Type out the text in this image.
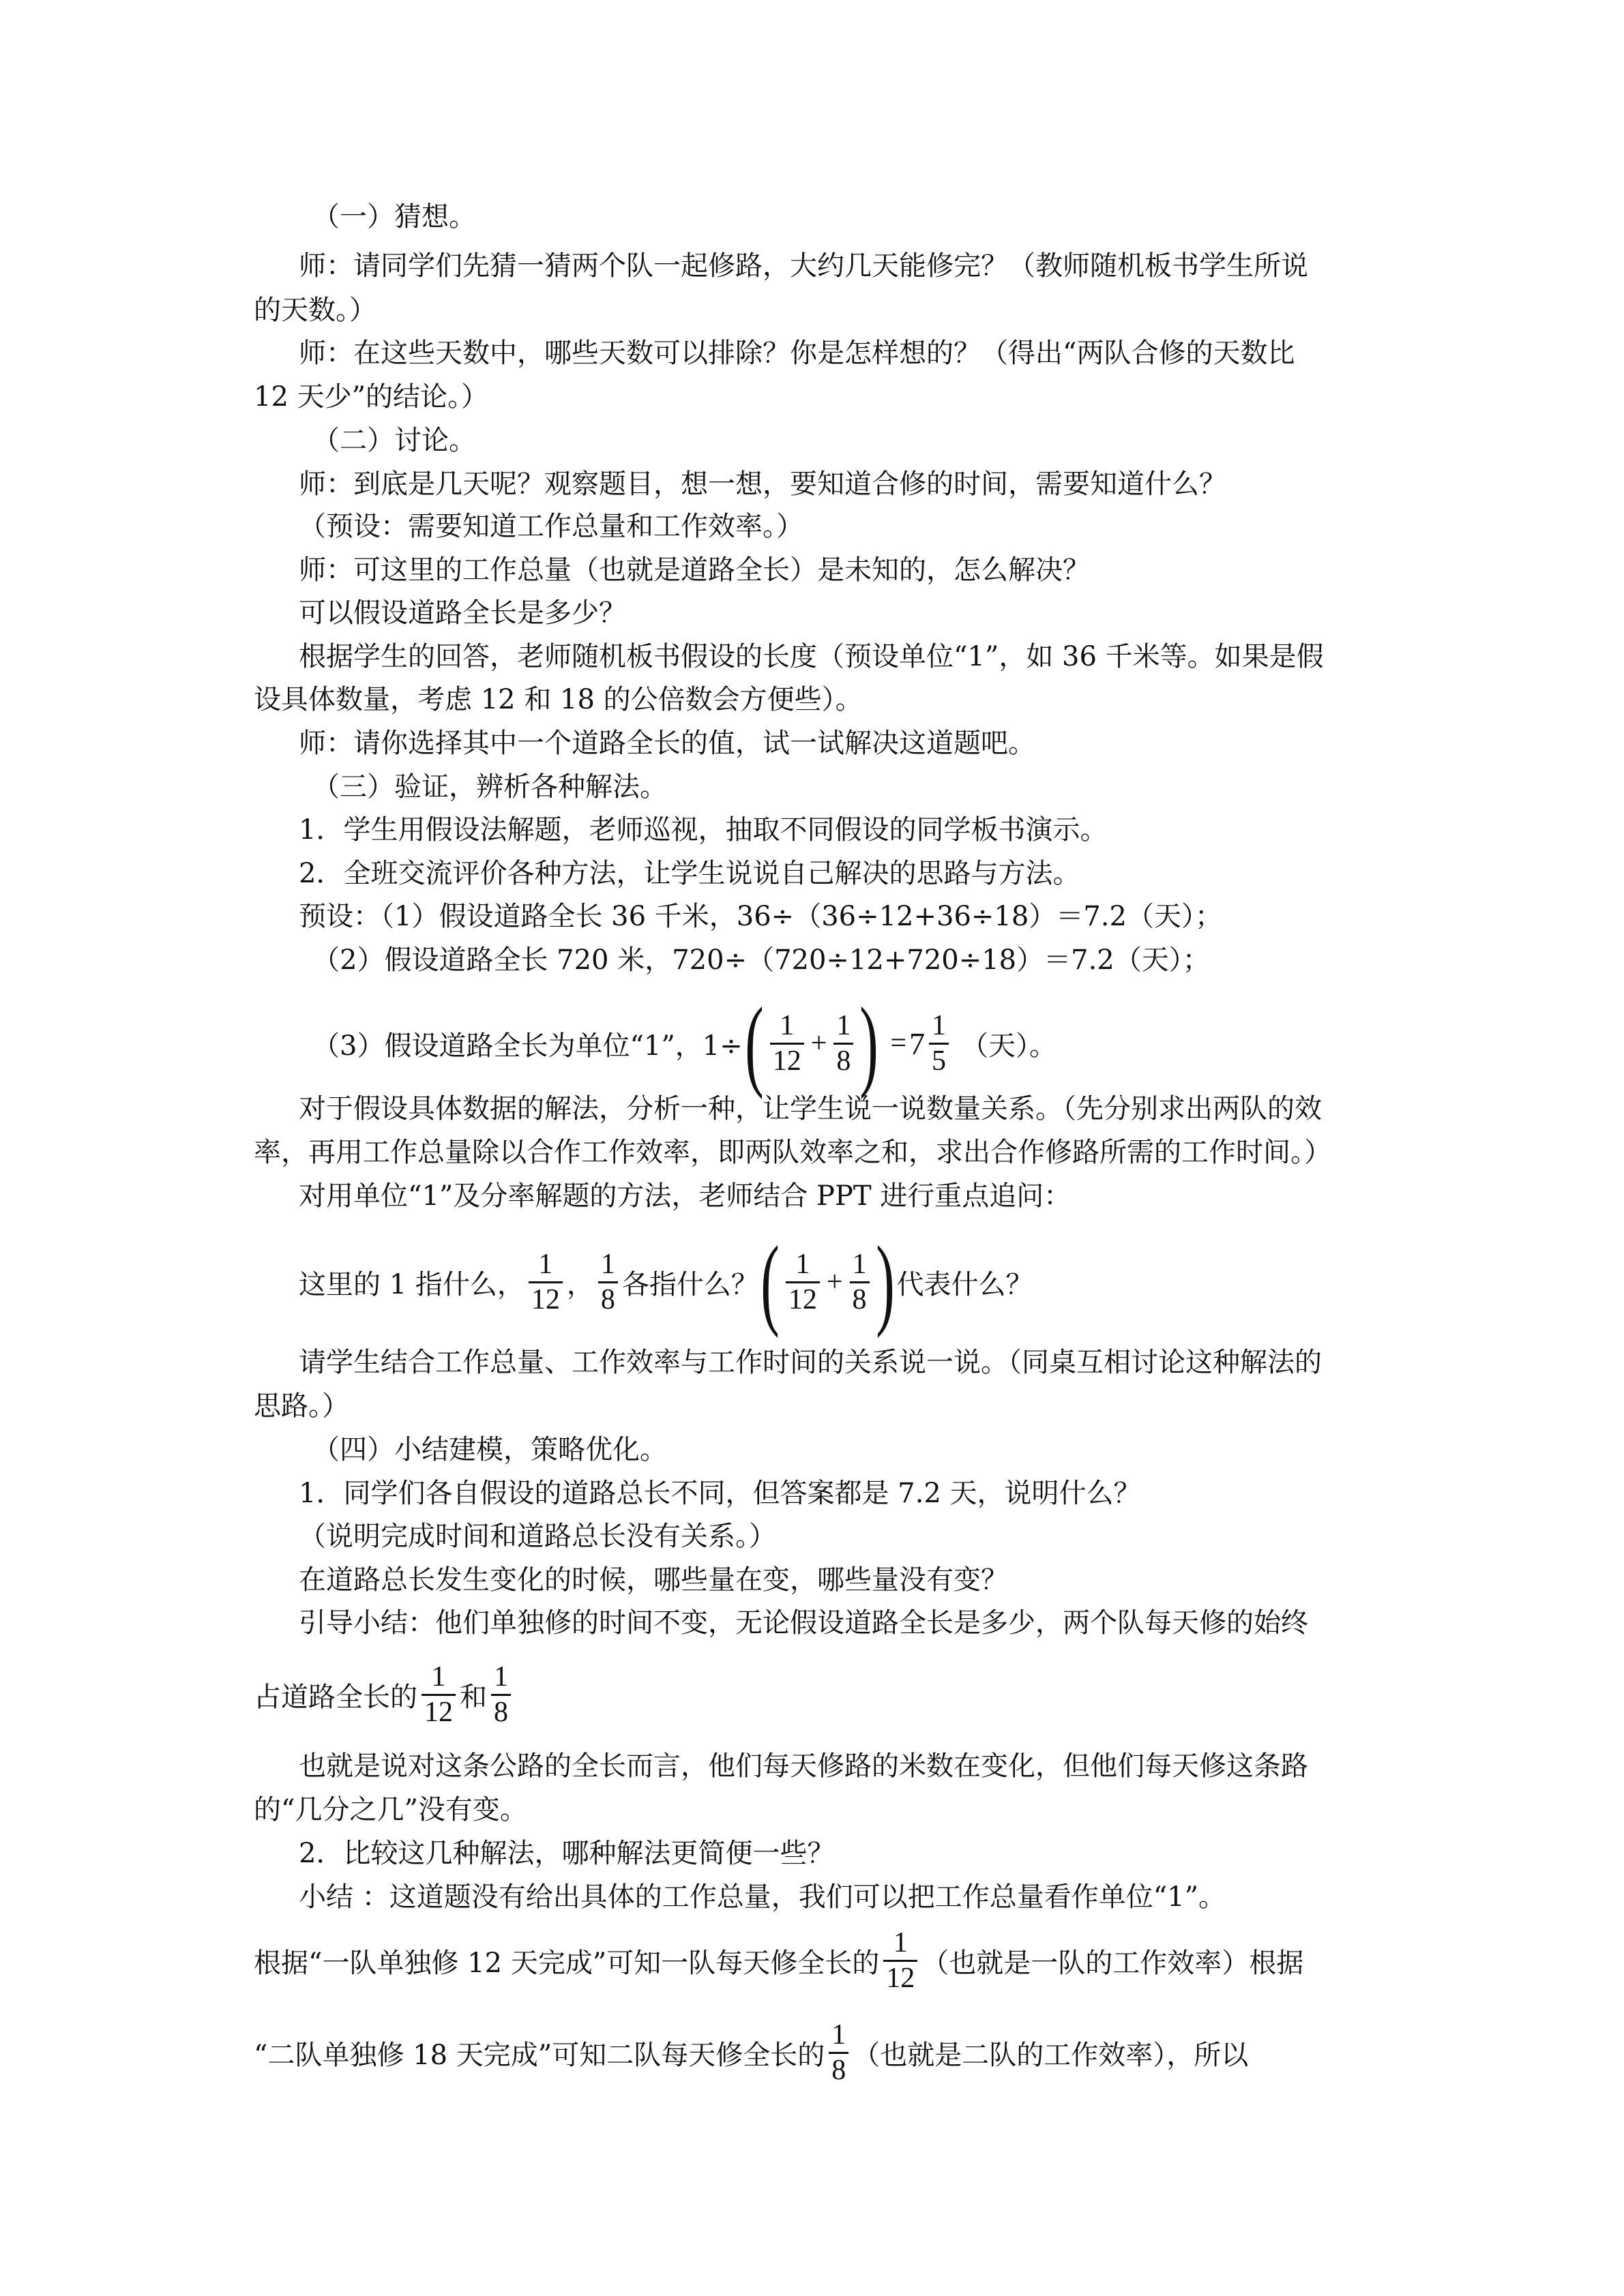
（一）猜想。
师：请同学们先猜一猜两个队一起修路，大约几天能修完？（教师随机板书学生所说
的天数。）
师：在这些天数中，哪些天数可以排除？你是怎样想的？（得出“两队合修的天数比
12 天少”的结论。）
（二）讨论。
师：到底是几天呢？观察题目，想一想，要知道合修的时间，需要知道什么？
（预设：需要知道工作总量和工作效率。）
师：可这里的工作总量（也就是道路全长）是未知的，怎么解决？
可以假设道路全长是多少？
根据学生的回答，老师随机板书假设的长度（预设单位“1”，如 36 千米等。如果是假
设具体数量，考虑 12 和 18 的公倍数会方便些）。
师：请你选择其中一个道路全长的值，试一试解决这道题吧。
（三）验证，辨析各种解法。
1．学生用假设法解题，老师巡视，抽取不同假设的同学板书演示。
2．全班交流评价各种方法，让学生说说自己解决的思路与方法。
预设：（1）假设道路全长 36 千米，36÷（36÷12+36÷18）＝7.2（天）；
（2）假设道路全长 720 米，720÷（720÷12+720÷18）＝7.2（天）；
（3）假设道路全长为单位“1”，1÷ ( $\frac{1}{12} + \frac{1}{8}$ ) = $7 \frac{1}{5}$ （天）。
对于假设具体数据的解法，分析一种，让学生说一说数量关系。（先分别求出两队的效
率，再用工作总量除以合作工作效率，即两队效率之和，求出合作修路所需的工作时间。）
对用单位“1”及分率解题的方法，老师结合 PPT 进行重点追问：
这里的 1 指什么， $\frac{1}{12}$ ， $\frac{1}{8}$ 各指什么？ ( $\frac{1}{12} + \frac{1}{8}$ ) 代表什么？
请学生结合工作总量、工作效率与工作时间的关系说一说。（同桌互相讨论这种解法的
思路。）
（四）小结建模，策略优化。
1．同学们各自假设的道路总长不同，但答案都是 7.2 天，说明什么？
（说明完成时间和道路总长没有关系。）
在道路总长发生变化的时候，哪些量在变，哪些量没有变？
引导小结：他们单独修的时间不变，无论假设道路全长是多少，两个队每天修的始终
占道路全长的 $\frac{1}{12}$ 和 $\frac{1}{8}$
也就是说对这条公路的全长而言，他们每天修路的米数在变化，但他们每天修这条路
的“几分之几”没有变。
2．比较这几种解法，哪种解法更简便一些？
小结 ：这道题没有给出具体的工作总量，我们可以把工作总量看作单位“1”。
根据“一队单独修 12 天完成”可知一队每天修全长的 $\frac{1}{12}$ （也就是一队的工作效率）根据
“二队单独修 18 天完成”可知二队每天修全长的 $\frac{1}{8}$ （也就是二队的工作效率），所以
